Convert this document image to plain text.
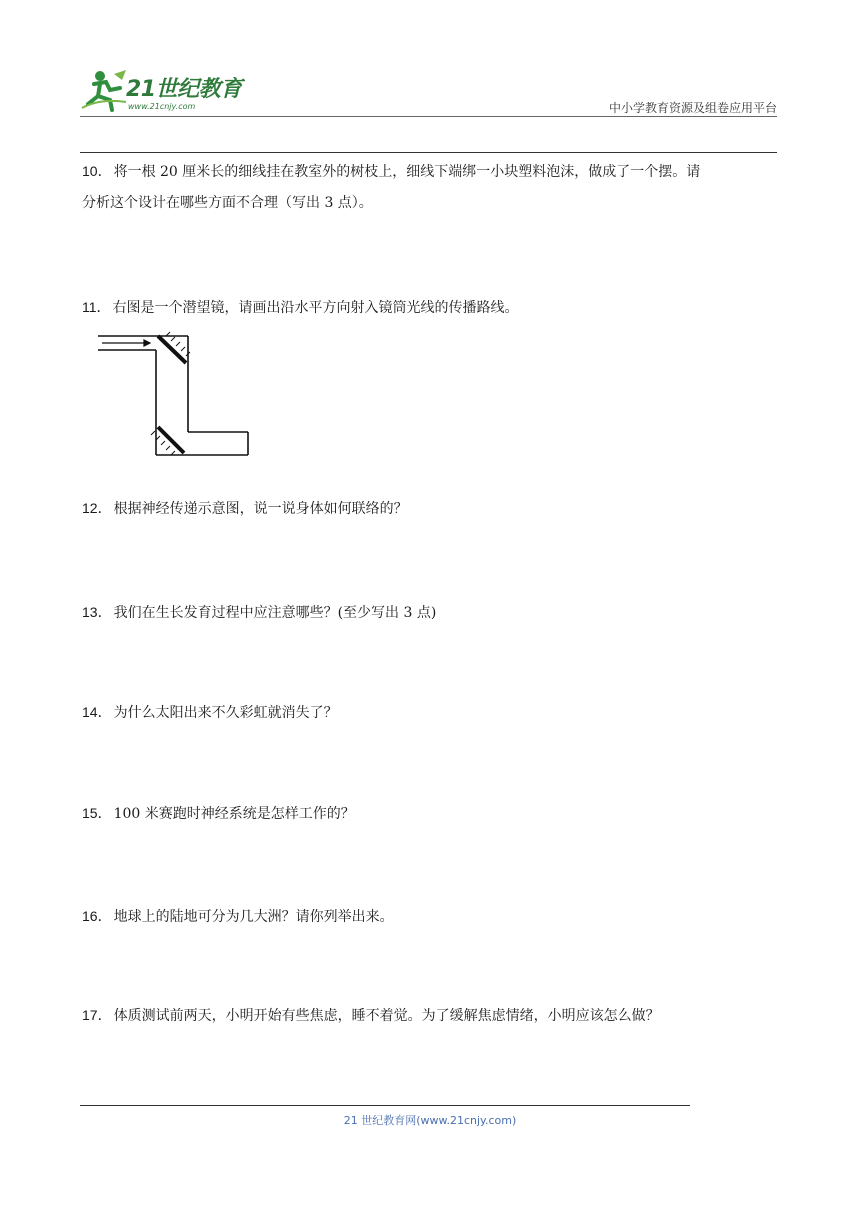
21世纪教育
www.21cnjy.com	中小学教育资源及组卷应用平台
10． 将一根 20 厘米长的细线挂在教室外的树枝上，细线下端绑一小块塑料泡沫，做成了一个摆。请
分析这个设计在哪些方面不合理（写出 3 点）。
11． 右图是一个潜望镜，请画出沿水平方向射入镜筒光线的传播路线。
12． 根据神经传递示意图，说一说身体如何联络的？
13． 我们在生长发育过程中应注意哪些？(至少写出 3 点)
14． 为什么太阳出来不久彩虹就消失了？
15． 100 米赛跑时神经系统是怎样工作的？
16． 地球上的陆地可分为几大洲？请你列举出来。
17． 体质测试前两天，小明开始有些焦虑，睡不着觉。为了缓解焦虑情绪，小明应该怎么做？
21 世纪教育网(www.21cnjy.com)
